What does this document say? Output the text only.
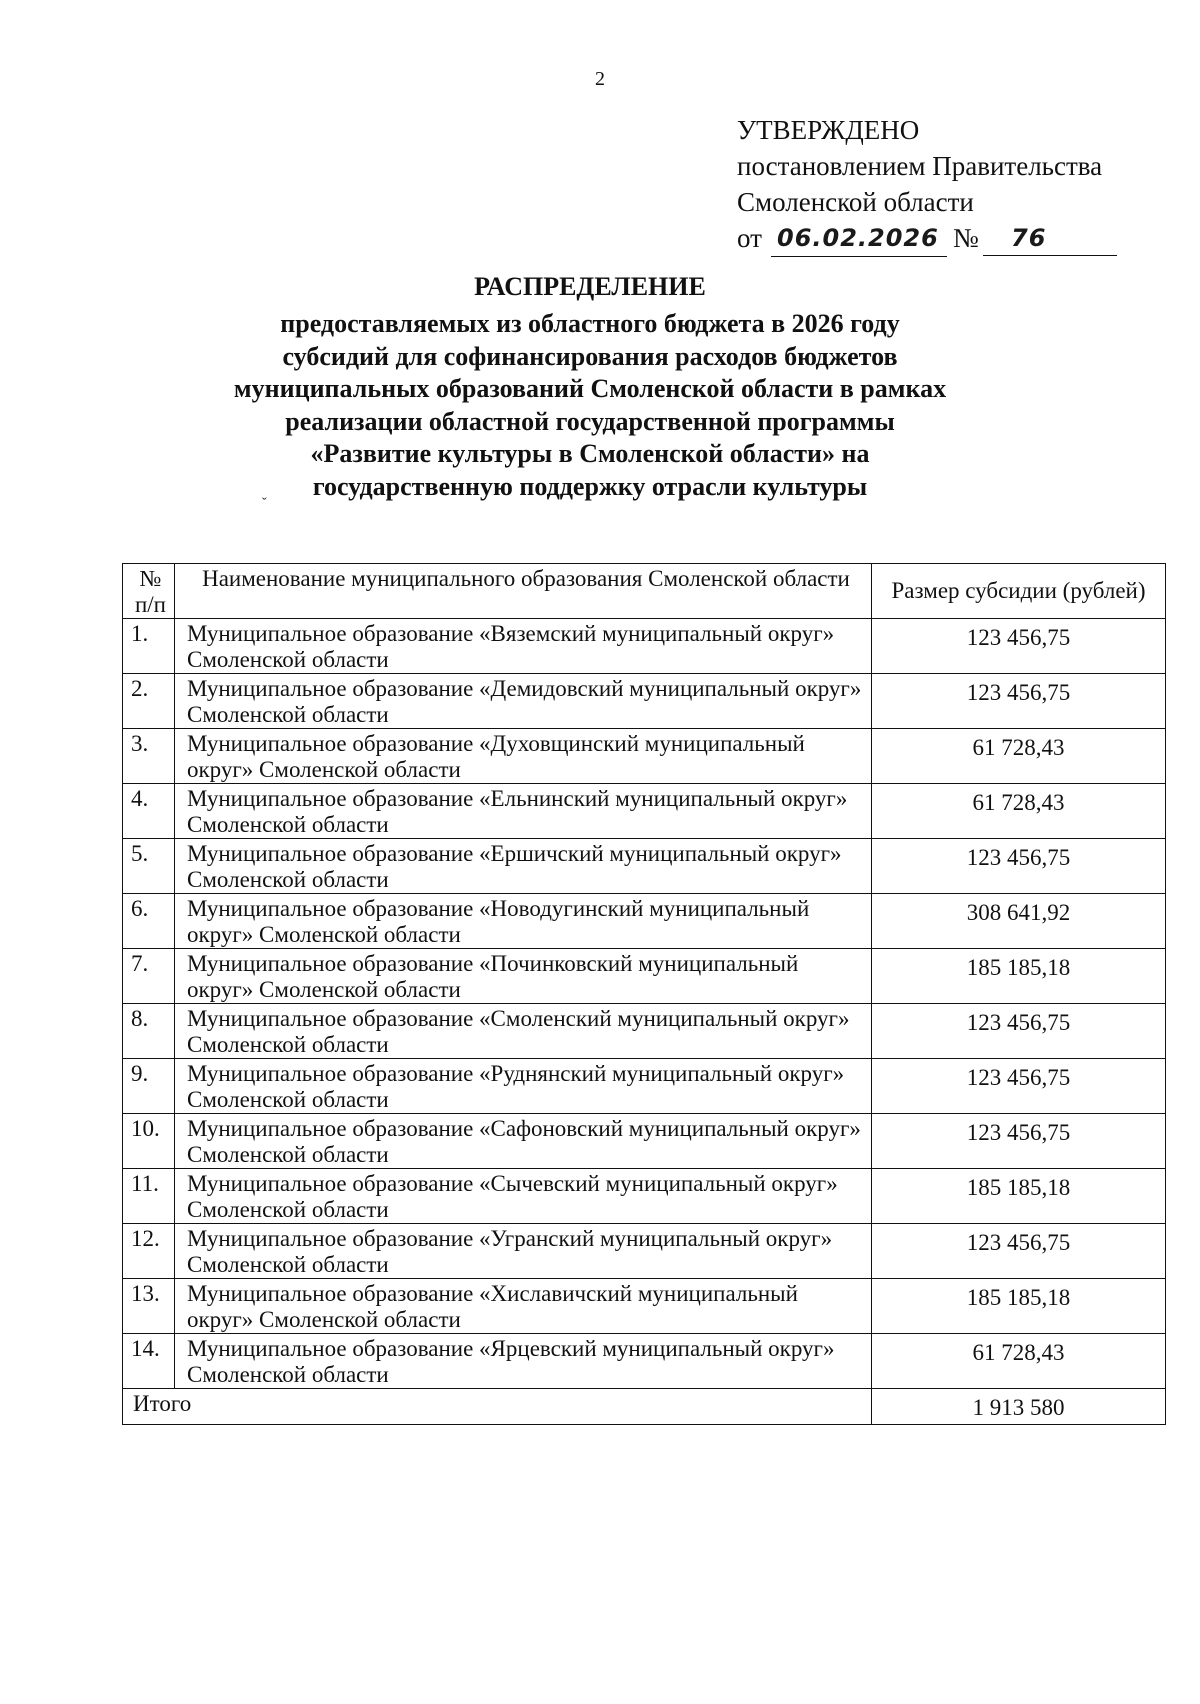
2
УТВЕРЖДЕНО
постановлением Правительства
Смоленской области
от 06.02.2026 №	76
РАСПРЕДЕЛЕНИЕ
предоставляемых из областного бюджета в 2026 году субсидий для софинансирования расходов бюджетов муниципальных образований Смоленской области в рамках реализации областной государственной программы «Развитие культуры в Смоленской области» на государственную поддержку отрасли культуры
ˇ
№ п/п	Наименование муниципального образования Смоленской области	Размер субсидии (рублей)
1.	Муниципальное образование «Вяземский муниципальный округ» Смоленской области	123 456,75
2.	Муниципальное образование «Демидовский муниципальный округ» Смоленской области	123 456,75
3.	Муниципальное образование «Духовщинский муниципальный округ» Смоленской области	61 728,43
4.	Муниципальное образование «Ельнинский муниципальный округ» Смоленской области	61 728,43
5.	Муниципальное образование «Ершичский муниципальный округ» Смоленской области	123 456,75
6.	Муниципальное образование «Новодугинский муниципальный округ» Смоленской области	308 641,92
7.	Муниципальное образование «Починковский муниципальный округ» Смоленской области	185 185,18
8.	Муниципальное образование «Смоленский муниципальный округ» Смоленской области	123 456,75
9.	Муниципальное образование «Руднянский муниципальный округ» Смоленской области	123 456,75
10.	Муниципальное образование «Сафоновский муниципальный округ» Смоленской области	123 456,75
11.	Муниципальное образование «Сычевский муниципальный округ» Смоленской области	185 185,18
12.	Муниципальное образование «Угранский муниципальный округ» Смоленской области	123 456,75
13.	Муниципальное образование «Хиславичский муниципальный округ» Смоленской области	185 185,18
14.	Муниципальное образование «Ярцевский муниципальный округ» Смоленской области	61 728,43
Итого		1 913 580
